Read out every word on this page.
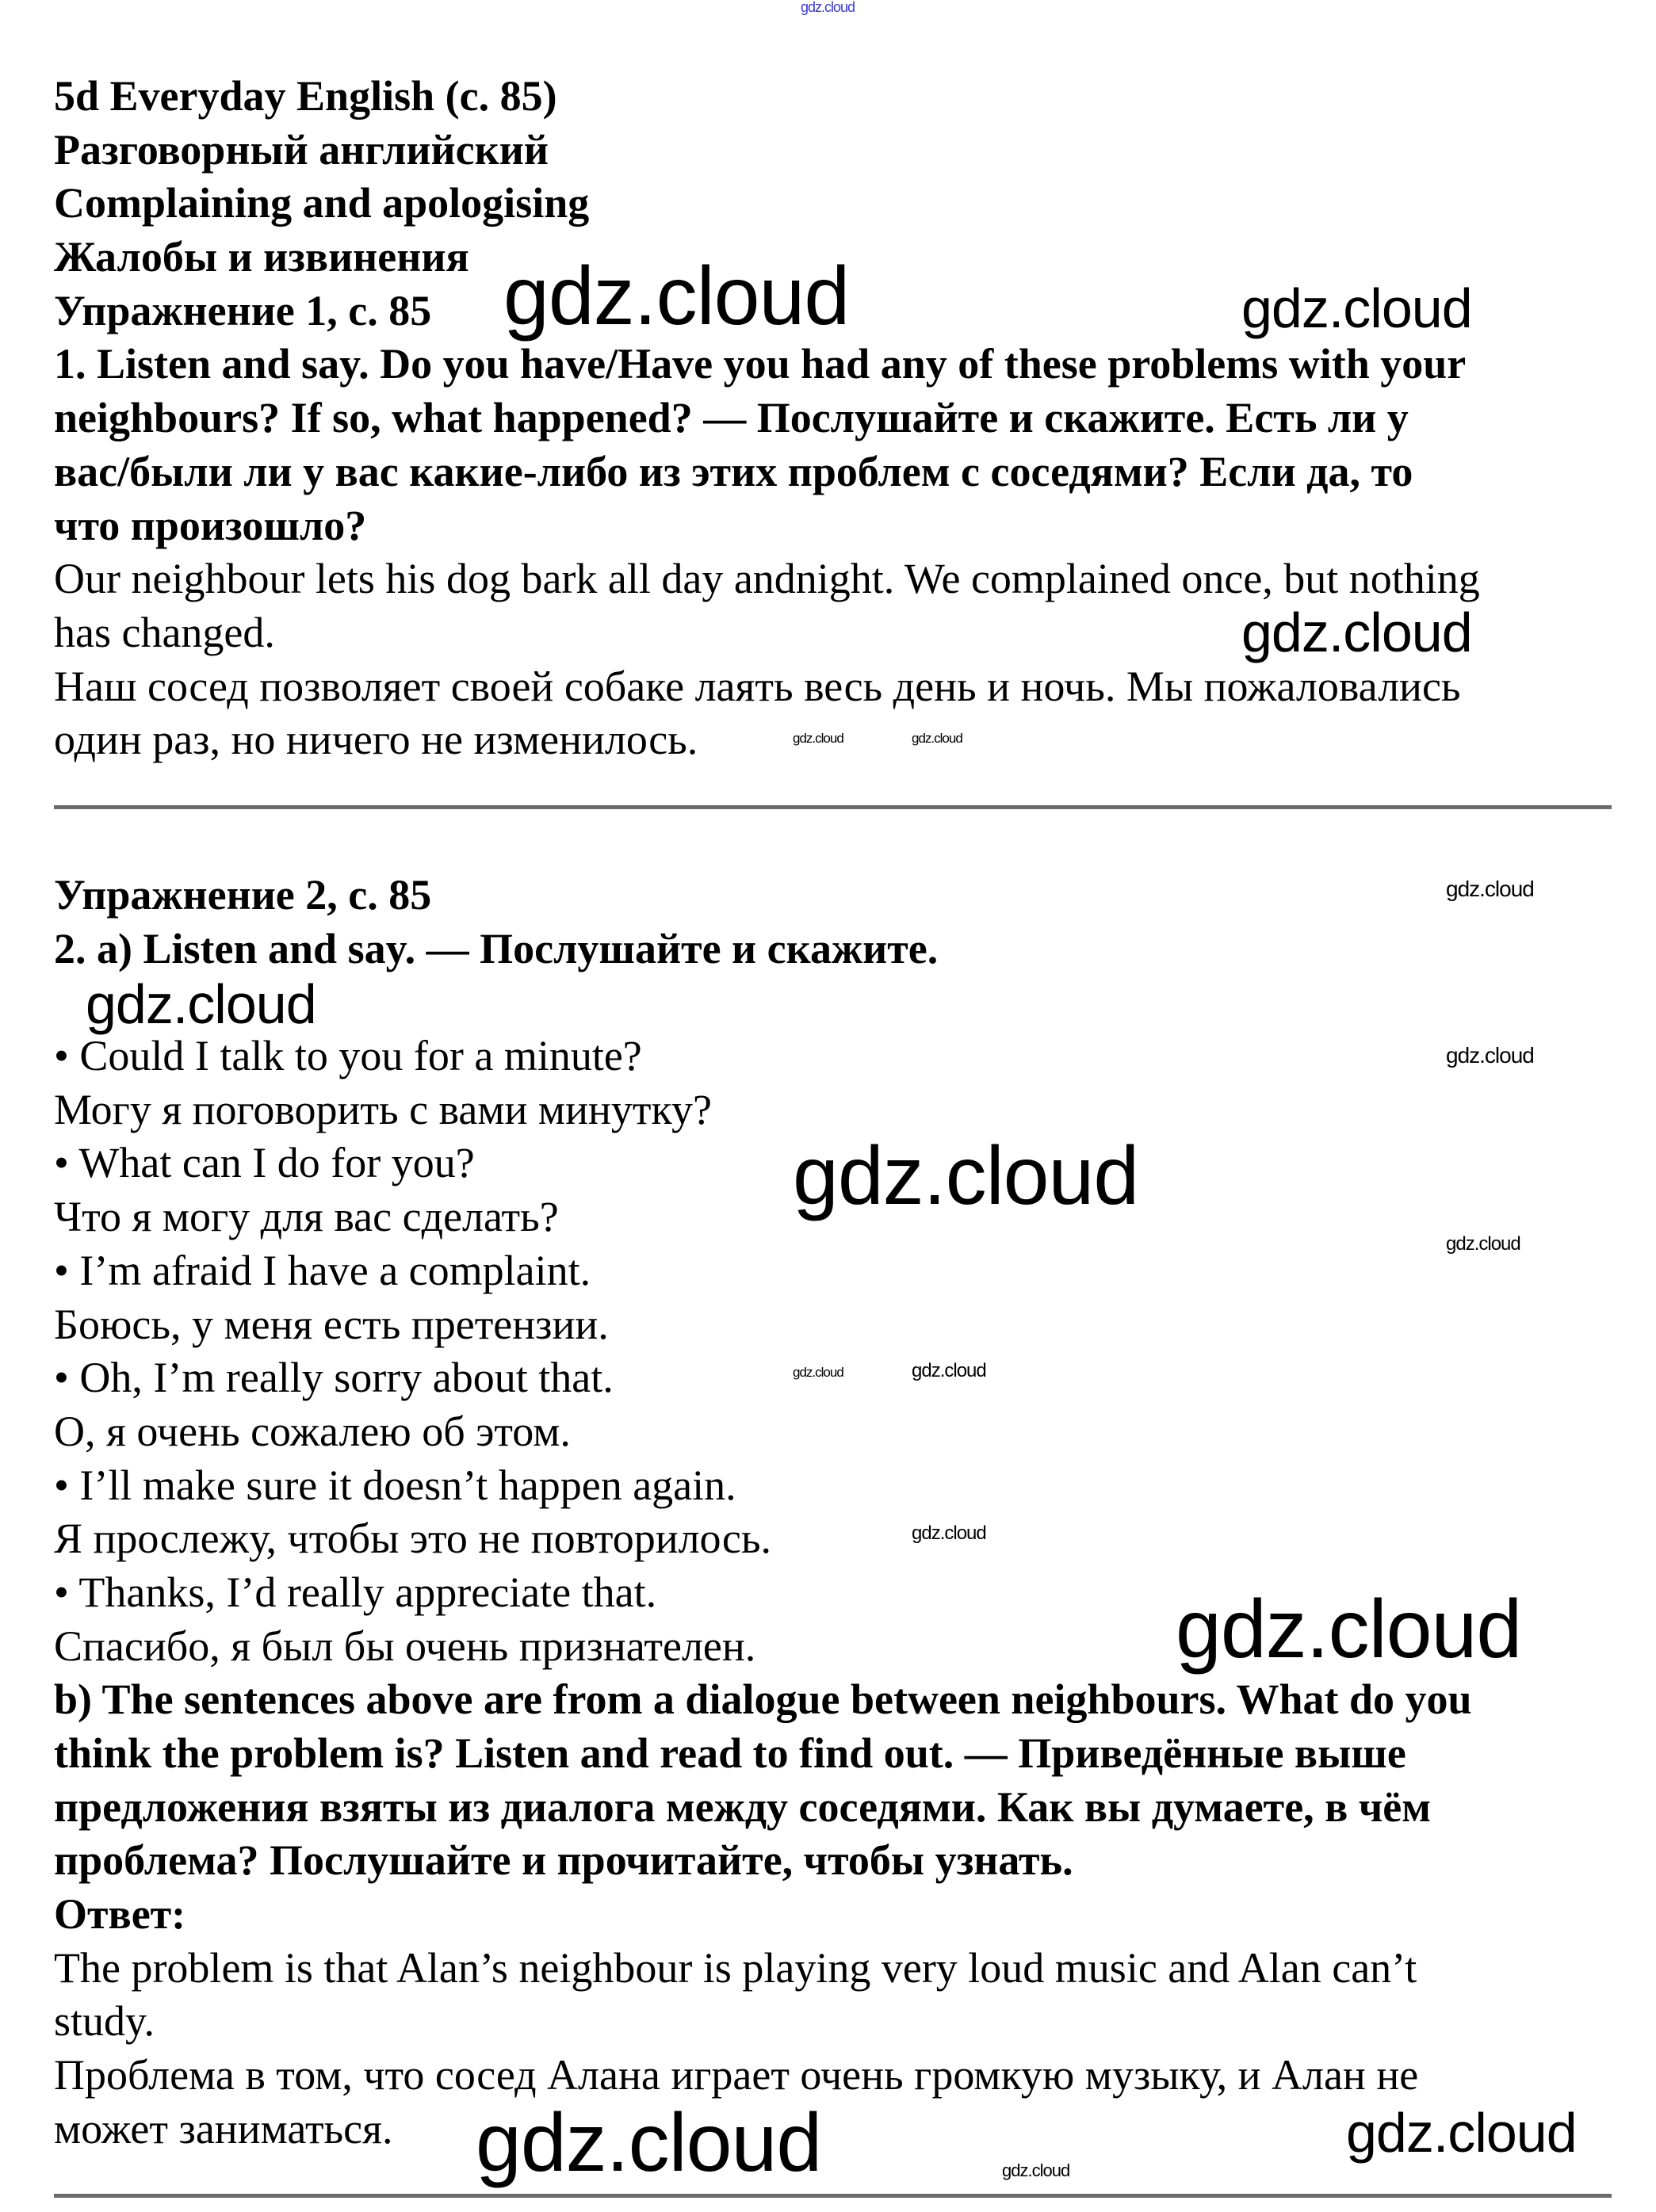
gdz.cloud
5d Everyday English (с. 85)
Разговорный английский
Complaining and apologising
Жалобы и извинения
Упражнение 1, с. 85
1. Listen and say. Do you have/Have you had any of these problems with your
neighbours? If so, what happened? — Послушайте и скажите. Есть ли у
вас/были ли у вас какие-либо из этих проблем с соседями? Если да, то
что произошло?
Our neighbour lets his dog bark all day andnight. We complained once, but nothing
has changed.
Наш сосед позволяет своей собаке лаять весь день и ночь. Мы пожаловались
один раз, но ничего не изменилось.
Упражнение 2, с. 85
2. a) Listen and say. — Послушайте и скажите.
• Could I talk to you for a minute?
Могу я поговорить с вами минутку?
• What can I do for you?
Что я могу для вас сделать?
• I’m afraid I have a complaint.
Боюсь, у меня есть претензии.
• Oh, I’m really sorry about that.
О, я очень сожалею об этом.
• I’ll make sure it doesn’t happen again.
Я прослежу, чтобы это не повторилось.
• Thanks, I’d really appreciate that.
Спасибо, я был бы очень признателен.
b) The sentences above are from a dialogue between neighbours. What do you
think the problem is? Listen and read to find out. — Приведённые выше
предложения взяты из диалога между соседями. Как вы думаете, в чём
проблема? Послушайте и прочитайте, чтобы узнать.
Ответ:
The problem is that Alan’s neighbour is playing very loud music and Alan can’t
study.
Проблема в том, что сосед Алана играет очень громкую музыку, и Алан не
может заниматься.
gdz.cloud	gdz.cloud
gdz.cloud
gdz.cloud	gdz.cloud
gdz.cloud
gdz.cloud
gdz.cloud
gdz.cloud
gdz.cloud
gdz.cloud	gdz.cloud
gdz.cloud
gdz.cloud
gdz.cloud	gdz.cloud
gdz.cloud
